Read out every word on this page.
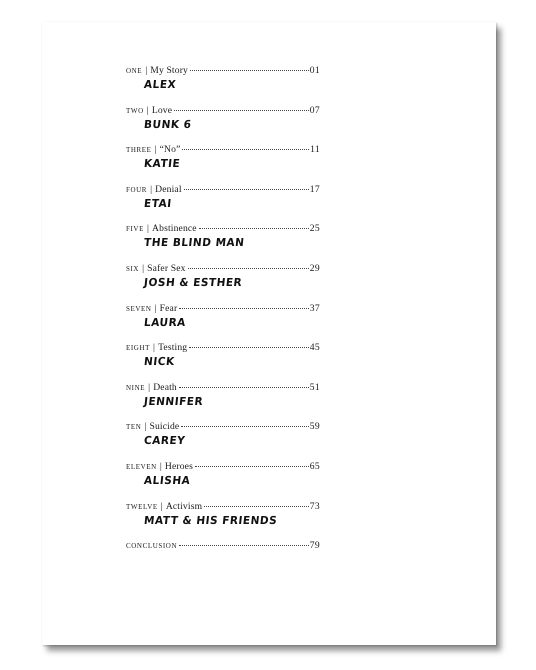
one | My Story	01
ALEX
two | Love	07
BUNK 6
three | “No”	11
KATIE
four | Denial	17
ETAI
five | Abstinence	25
THE BLIND MAN
six | Safer Sex	29
JOSH & ESTHER
seven | Fear	37
LAURA
eight | Testing	45
NICK
nine | Death	51
JENNIFER
ten | Suicide	59
CAREY
eleven | Heroes	65
ALISHA
twelve | Activism	73
MATT & HIS FRIENDS
conclusion	79
